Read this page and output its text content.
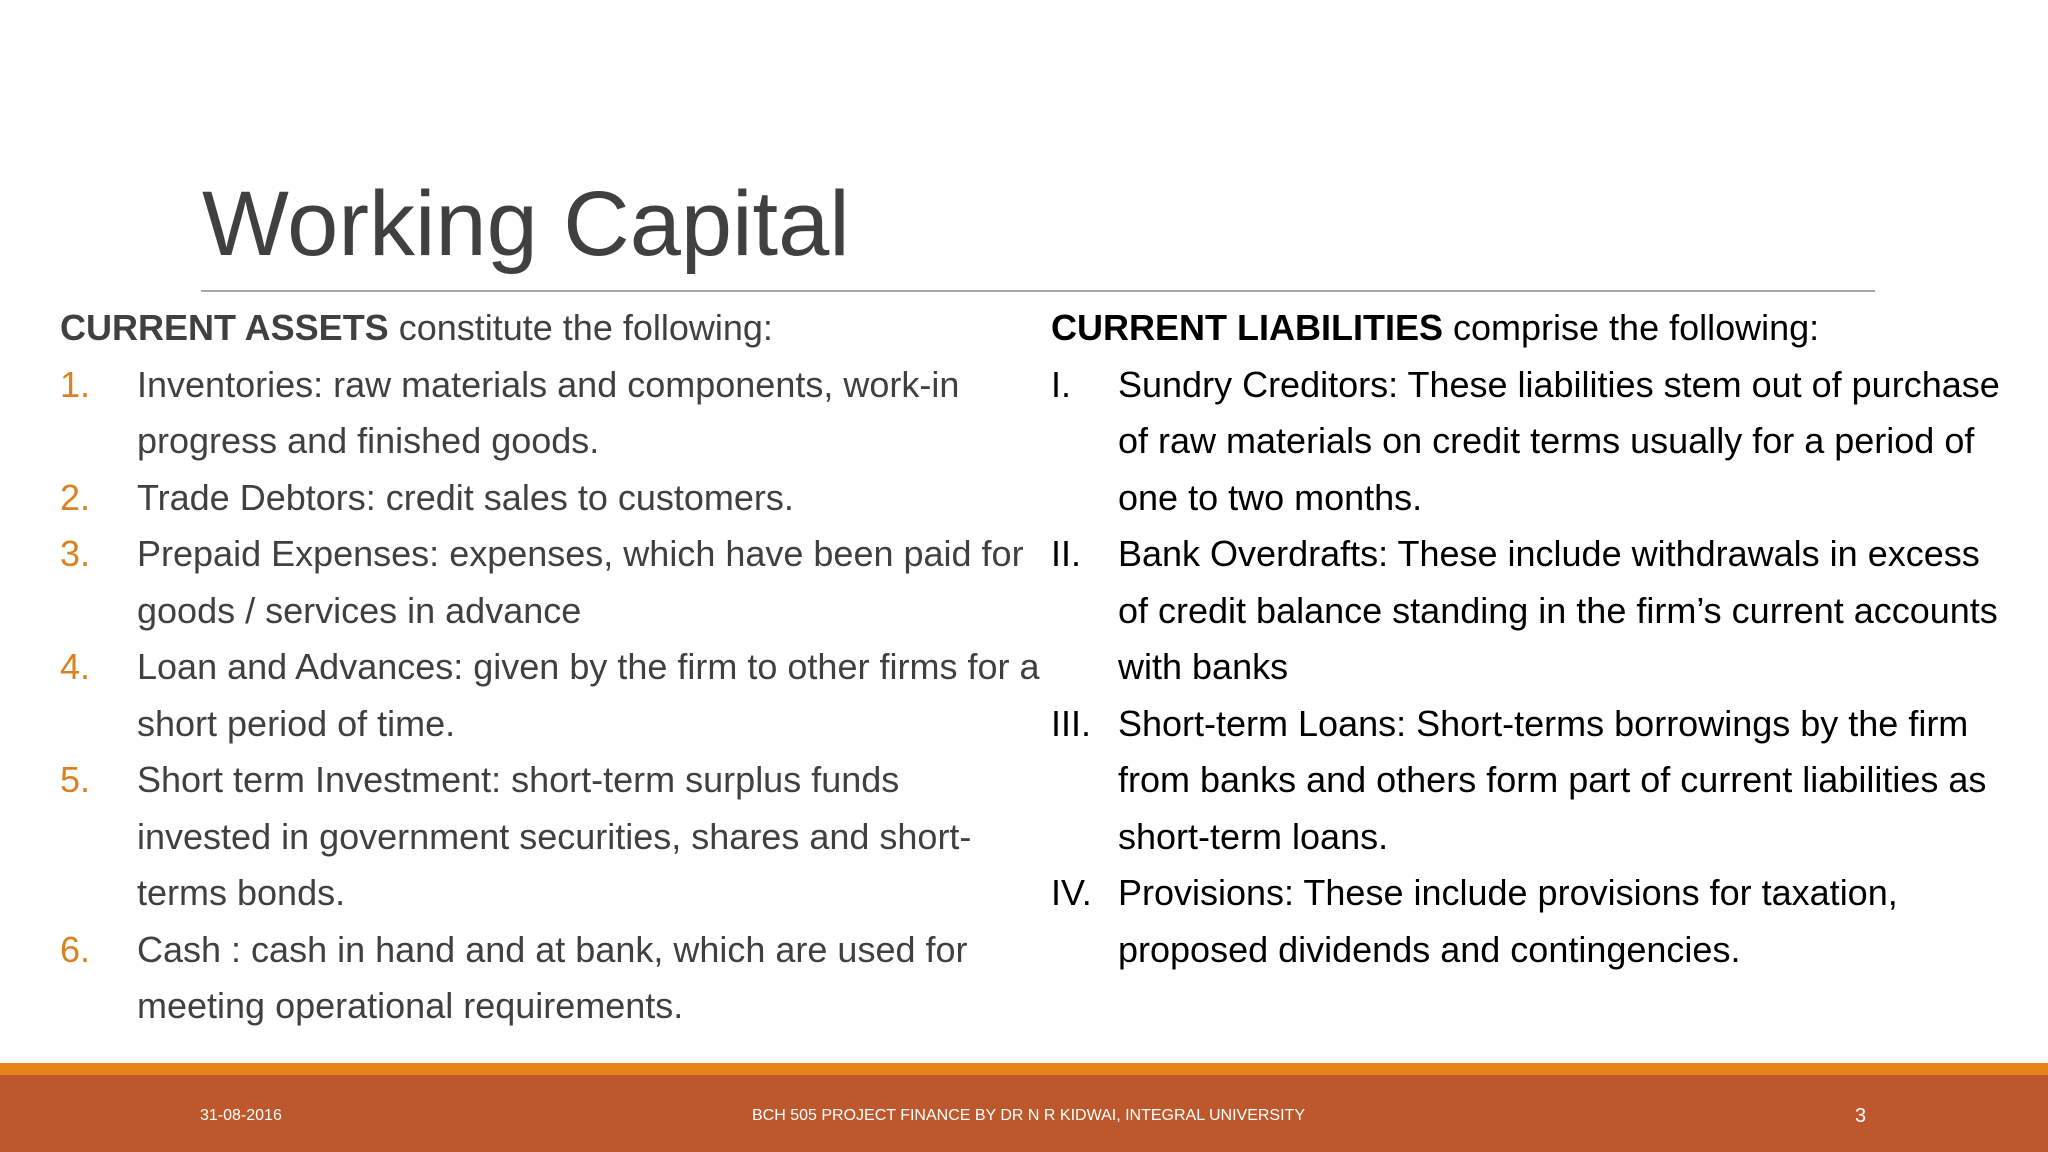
Working Capital
CURRENT ASSETS constitute the following:
1. Inventories: raw materials and components, work-in progress and finished goods.
2. Trade Debtors: credit sales to customers.
3. Prepaid Expenses: expenses, which have been paid for goods / services in advance
4. Loan and Advances: given by the firm to other firms for a short period of time.
5. Short term Investment: short-term surplus funds invested in government securities, shares and short-terms bonds.
6. Cash : cash in hand and at bank, which are used for meeting operational requirements.
CURRENT LIABILITIES comprise the following:
I. Sundry Creditors: These liabilities stem out of purchase of raw materials on credit terms usually for a period of one to two months.
II. Bank Overdrafts: These include withdrawals in excess of credit balance standing in the firm’s current accounts with banks
III. Short-term Loans: Short-terms borrowings by the firm from banks and others form part of current liabilities as short-term loans.
IV. Provisions: These include provisions for taxation, proposed dividends and contingencies.
31-08-2016	BCH 505 PROJECT FINANCE BY DR N R KIDWAI, INTEGRAL UNIVERSITY	3
